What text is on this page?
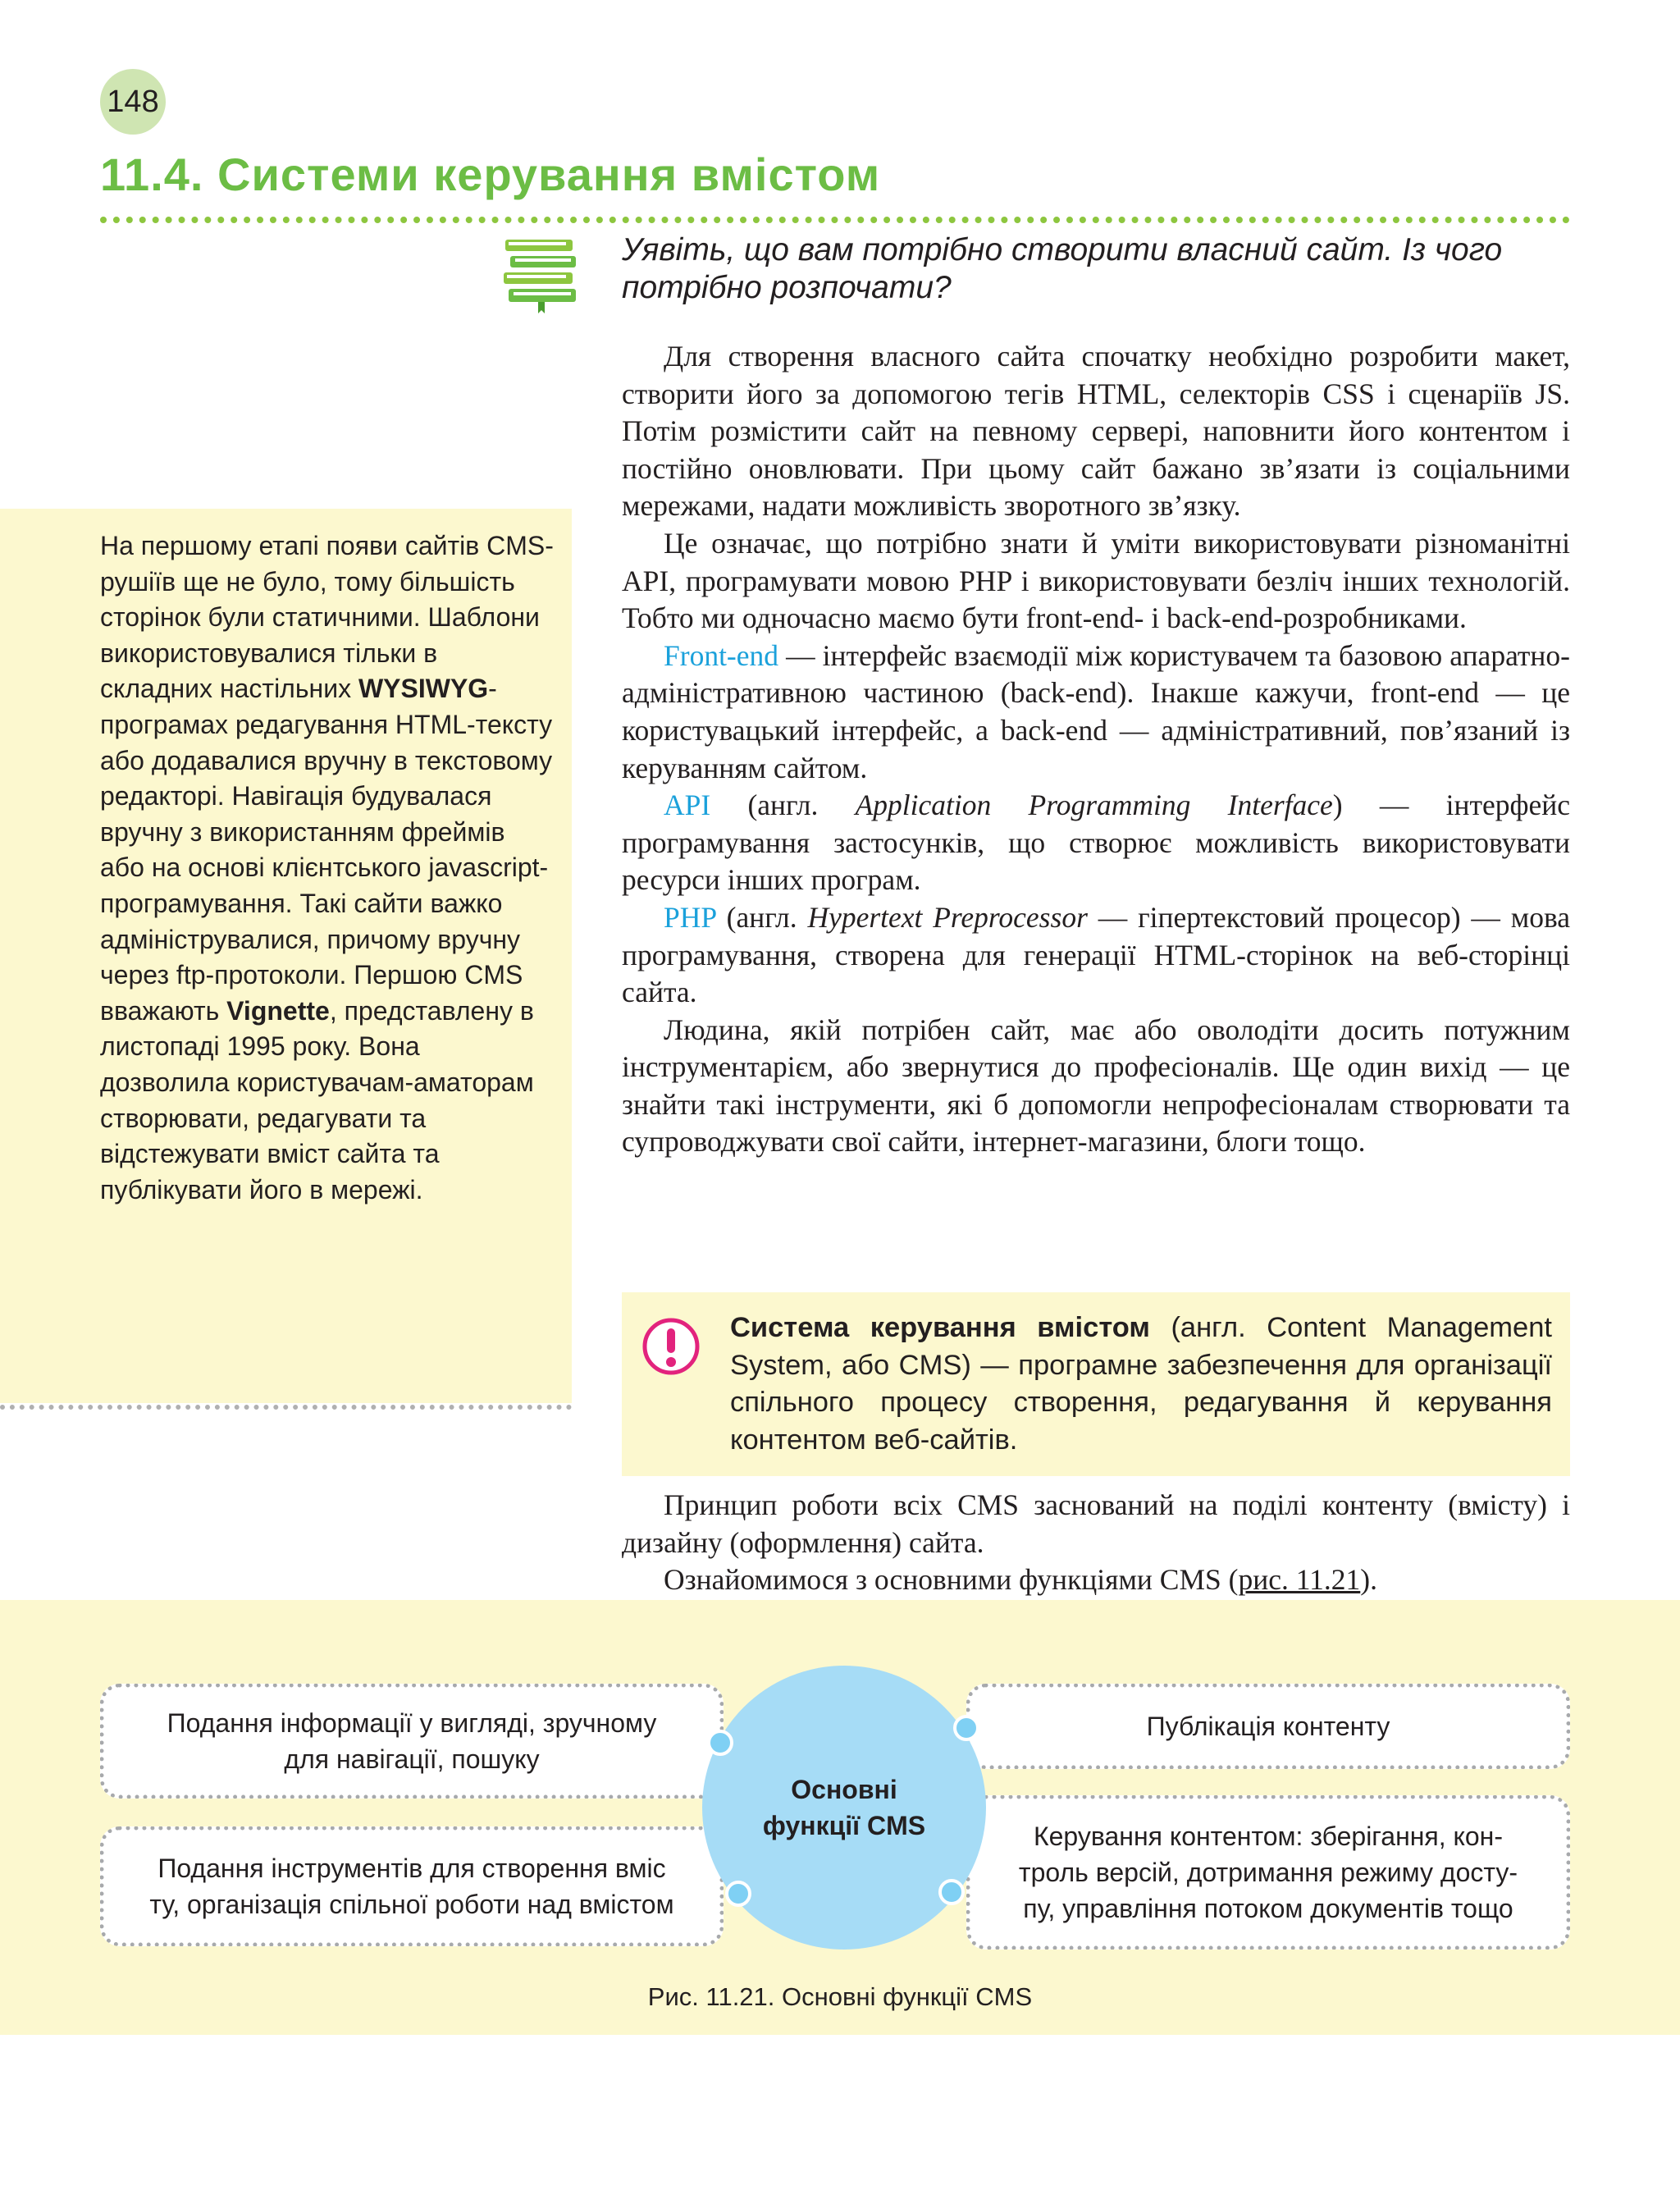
148
11.4. Системи керування вмістом
Уявіть, що вам потрібно створити власний сайт. Із чого потрібно розпочати?

Для створення власного сайта спочатку необхідно розробити макет, створити його за допомогою тегів HTML, селекторів CSS і сценаріїв JS. Потім розмістити сайт на певному сервері, наповнити його контентом і постійно оновлювати. При цьому сайт бажано зв’язати із соціальними мережами, надати можливість зворотного зв’язку.

Це означає, що потрібно знати й уміти використовувати різноманітні API, програмувати мовою PHP і використовувати безліч інших технологій. Тобто ми одночасно маємо бути front-end- і back-end-розробниками.

Front-end — інтерфейс взаємодії між користувачем та базовою апаратно-адміністративною частиною (back-end). Інакше кажучи, front-end — це користувацький інтерфейс, а back-end — адміністративний, пов’язаний із керуванням сайтом.

API (англ. Application Programming Interface) — інтерфейс програмування застосунків, що створює можливість використовувати ресурси інших програм.

PHP (англ. Hypertext Preprocessor — гіпертекстовий процесор) — мова програмування, створена для генерації HTML-сторінок на веб-сторінці сайта.

Людина, якій потрібен сайт, має або оволодіти досить потужним інструментарієм, або звернутися до професіоналів. Ще один вихід — це знайти такі інструменти, які б допомогли непрофесіоналам створювати та супроводжувати свої сайти, інтернет-магазини, блоги тощо.

На першому етапі появи сайтів CMS-рушіїв ще не було, тому більшість сторінок були статичними. Шаблони використовувалися тільки в складних настільних WYSIWYG-програмах редагування HTML-тексту або додавалися вручну в текстовому редакторі. Навігація будувалася вручну з використанням фреймів або на основі клієнтського javascript-програмування. Такі сайти важко адмініструвалися, причому вручну через ftp-протоколи. Першою CMS вважають Vignette, представлену в листопаді 1995 року. Вона дозволила користувачам-аматорам створювати, редагувати та відстежувати вміст сайта та публікувати його в мережі.
Система керування вмістом (англ. Content Management System, або CMS) — програмне забезпечення для організації спільного процесу створення, редагування й керування контентом веб-сайтів.

Принцип роботи всіх CMS заснований на поділі контенту (вмісту) і дизайну (оформлення) сайта.

Ознайомимося з основними функціями CMS (рис. 11.21).

Подання інформації у вигляді, зручному
для навігації, пошуку
Публікація контенту
Подання інструментів для створення вміс
ту, організація спільної роботи над вмістом
Керування контентом: зберігання, кон-
троль версій, дотримання режиму досту-
пу, управління потоком документів тощо
Основні
функції CMS
Рис. 11.21. Основні функції CMS
